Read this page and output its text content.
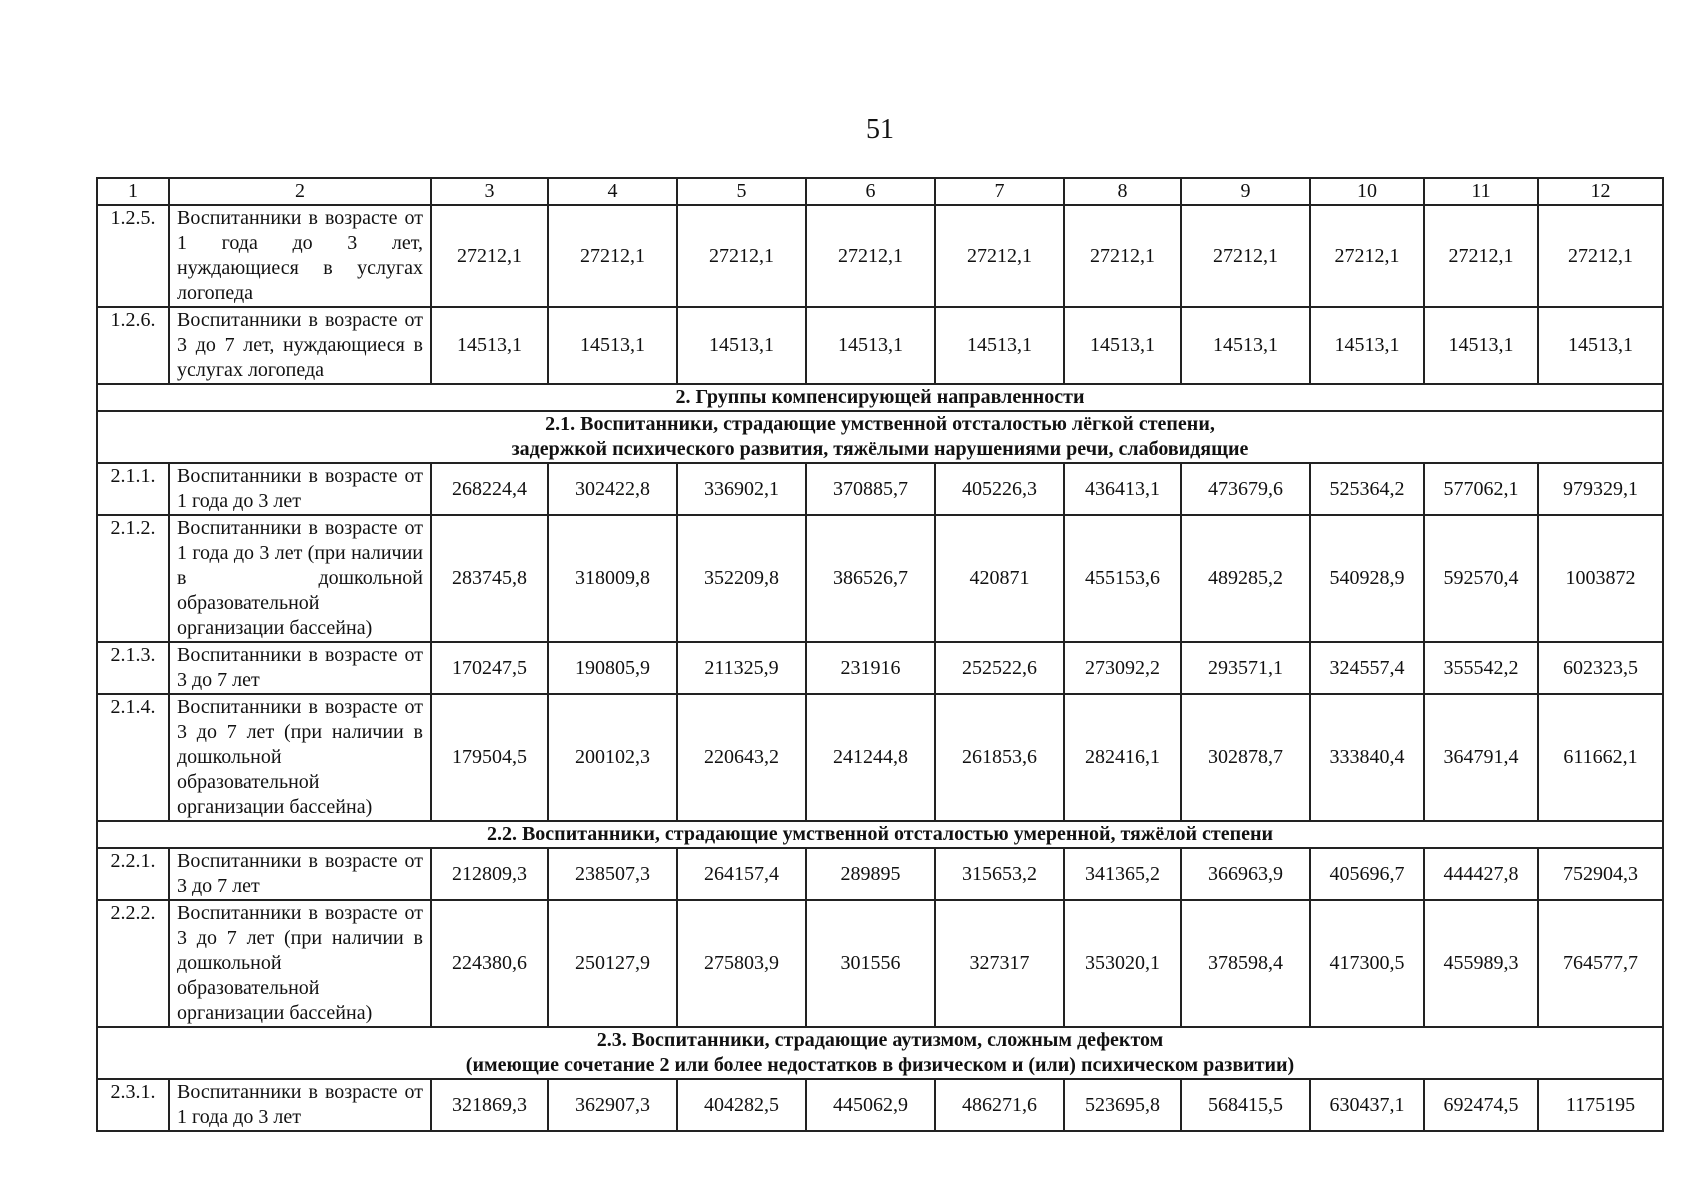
51
1	2	3	4	5	6	7	8	9	10	11	12
1.2.5.	Воспитанники в возрасте от 1 года до 3 лет, нуждающиеся в услугах логопеда	27212,1	27212,1	27212,1	27212,1	27212,1	27212,1	27212,1	27212,1	27212,1	27212,1
1.2.6.	Воспитанники в возрасте от 3 до 7 лет, нуждающиеся в услугах логопеда	14513,1	14513,1	14513,1	14513,1	14513,1	14513,1	14513,1	14513,1	14513,1	14513,1

2. Группы компенсирующей направленности											

2.1. Воспитанники, страдающие умственной отсталостью лёгкой степени,
задержкой психического развития, тяжёлыми нарушениями речи, слабовидящие											

2.1.1.	Воспитанники в возрасте от 1 года до 3 лет	268224,4	302422,8	336902,1	370885,7	405226,3	436413,1	473679,6	525364,2	577062,1	979329,1
2.1.2.	Воспитанники в возрасте от 1 года до 3 лет (при наличии в дошкольной образовательной организации бассейна)	283745,8	318009,8	352209,8	386526,7	420871	455153,6	489285,2	540928,9	592570,4	1003872
2.1.3.	Воспитанники в возрасте от 3 до 7 лет	170247,5	190805,9	211325,9	231916	252522,6	273092,2	293571,1	324557,4	355542,2	602323,5
2.1.4.	Воспитанники в возрасте от 3 до 7 лет (при наличии в дошкольной образовательной организации бассейна)	179504,5	200102,3	220643,2	241244,8	261853,6	282416,1	302878,7	333840,4	364791,4	611662,1

2.2. Воспитанники, страдающие умственной отсталостью умеренной, тяжёлой степени											

2.2.1.	Воспитанники в возрасте от 3 до 7 лет	212809,3	238507,3	264157,4	289895	315653,2	341365,2	366963,9	405696,7	444427,8	752904,3
2.2.2.	Воспитанники в возрасте от 3 до 7 лет (при наличии в дошкольной образовательной организации бассейна)	224380,6	250127,9	275803,9	301556	327317	353020,1	378598,4	417300,5	455989,3	764577,7

2.3. Воспитанники, страдающие аутизмом, сложным дефектом
(имеющие сочетание 2 или более недостатков в физическом и (или) психическом развитии)											

2.3.1.	Воспитанники в возрасте от 1 года до 3 лет	321869,3	362907,3	404282,5	445062,9	486271,6	523695,8	568415,5	630437,1	692474,5	1175195
